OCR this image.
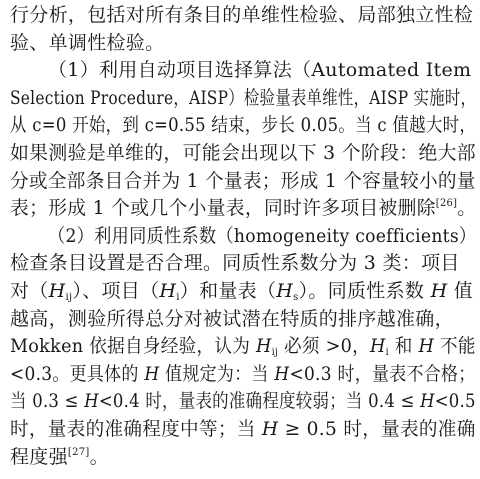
行分析，包括对所有条目的单维性检验、局部独立性检
验、单调性检验。
（1）利用自动项目选择算法（Automated Item
Selection Procedure，AISP）检验量表单维性，AISP 实施时，
从 c=0 开始，到 c=0.55 结束，步长 0.05。当 c 值越大时，
如果测验是单维的，可能会出现以下 3 个阶段：绝大部
分或全部条目合并为 1 个量表；形成 1 个容量较小的量
表；形成 1 个或几个小量表，同时许多项目被删除[26]。
（2）利用同质性系数（homogeneity coefficients）
检查条目设置是否合理。同质性系数分为 3 类：项目
对$(H_{ij})$、项目$(H_i)$和量表$(H_s)$。同质性系数 H 值
越高，测验所得总分对被试潜在特质的排序越准确，
Mokken 依据自身经验，认为 $H_{ij}$ 必须 >0，$H_i$ 和 H 不能
<0.3。更具体的 H 值规定为：当 H<0.3 时，量表不合格；
当 0.3 ≤ H<0.4 时，量表的准确程度较弱；当 0.4 ≤ H<0.5
时，量表的准确程度中等；当 H ≥ 0.5 时，量表的准确
程度强[27]。
